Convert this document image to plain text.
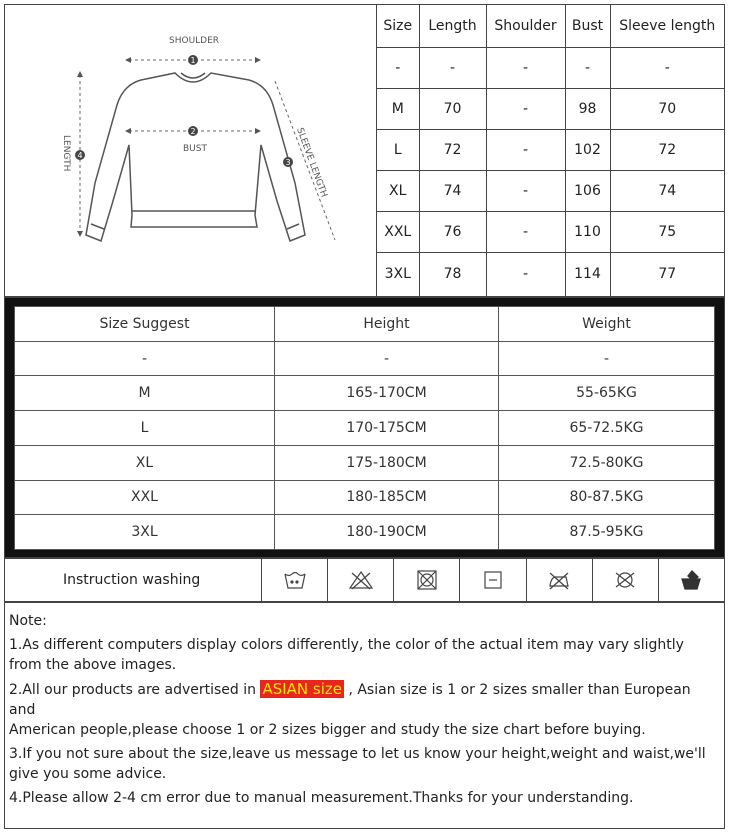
1
2
3
4
SHOULDER
BUST	SLEEVE LENGTH
LENGTH
Size	Length	Shoulder	Bust	Sleeve length
-	-	-	-	-
M	70	-	98	70
L	72	-	102	72
XL	74	-	106	74
XXL	76	-	110	75
3XL	78	-	114	77
Size Suggest	Height	Weight
-	-	-
M	165-170CM	55-65KG
L	170-175CM	65-72.5KG
XL	175-180CM	72.5-80KG
XXL	180-185CM	80-87.5KG
3XL	180-190CM	87.5-95KG
Instruction washing

Note:

1.As different computers display colors differently, the color of the actual item may vary slightly from the above images.

2.All our products are advertised in ASIAN size , Asian size is 1 or 2 sizes smaller than European and

American people,please choose 1 or 2 sizes bigger and study the size chart before buying.

3.If you not sure about the size,leave us message to let us know your height,weight and waist,we'll give you some advice.

4.Please allow 2-4 cm error due to manual measurement.Thanks for your understanding.
